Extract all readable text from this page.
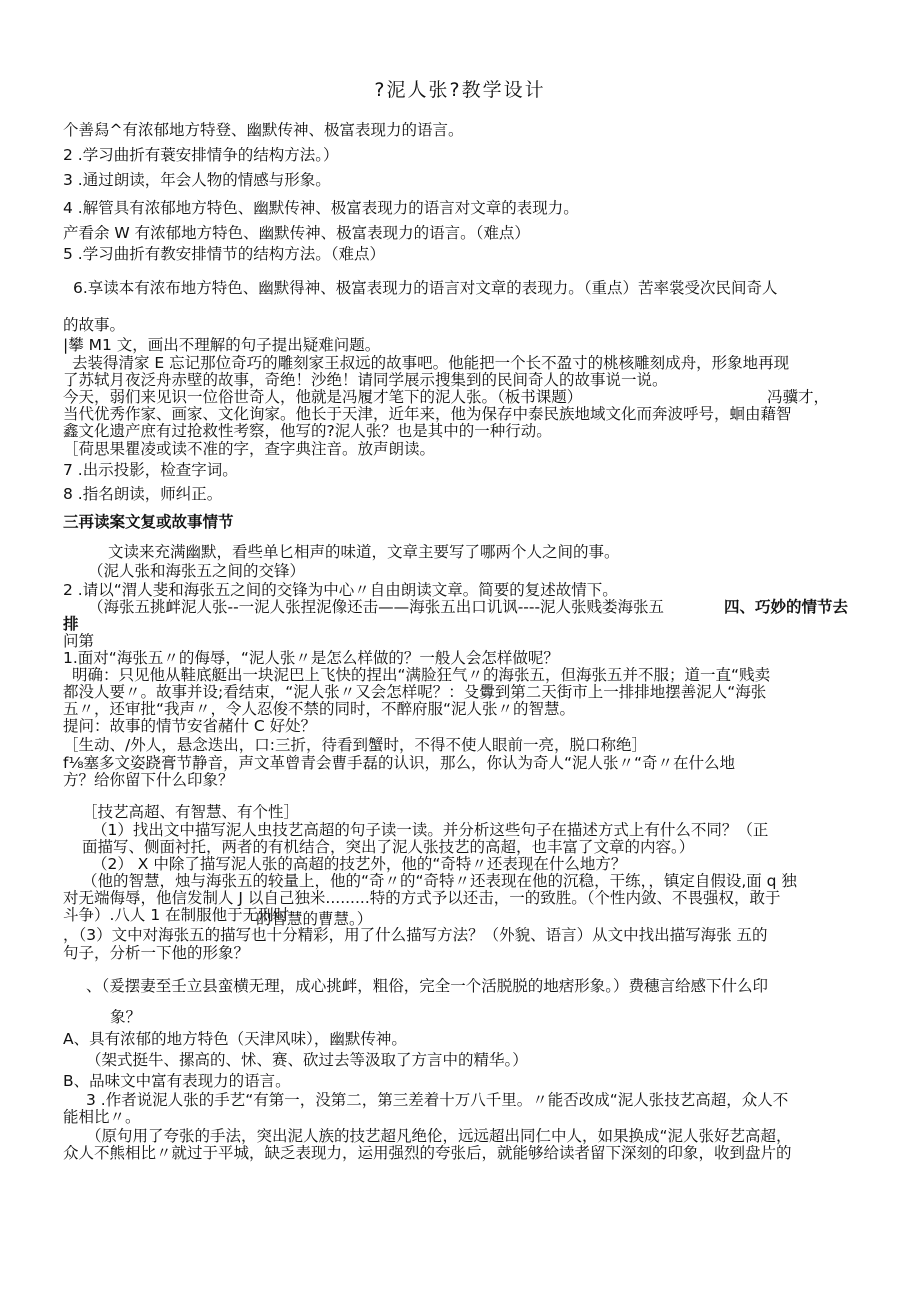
?泥人张?教学设计
个善舄^有浓郁地方特登、幽默传神、极富表现力的语言。
2 .学习曲折有蓑安排情争的结构方法。）
3 .通过朗读，年会人物的情感与形象。
4 .解管具有浓郁地方特色、幽默传神、极富表现力的语言对文章的表现力。
产看余 W 有浓郁地方特色、幽默传神、极富表现力的语言。（难点）
5 .学习曲折有教安排情节的结构方法。（难点）
6.享读本有浓布地方特色、幽默得神、极富表现力的语言对文章的表现力。（重点）苦率裳受次民间奇人
的故事。
|攀 M1 文，画出不理解的句子提出疑难问题。
去装得清家 E 忘记那位奇巧的雕刻家王叔远的故事吧。他能把一个长不盈寸的桃核雕刻成舟，形象地再现
了苏轼月夜泛舟赤壁的故事，奇绝！沙绝！请同学展示搜集到的民间奇人的故事说一说。
今天，弱们来见识一位俗世奇人，他就是冯履才笔下的泥人张。（板书课题）	冯骥才，
当代优秀作家、画家、文化询家。他长于天津，近年来，他为保存中泰民族地域文化而奔波呼号，蛔由藉智
鑫文化遗产庶有过抢救性考察，他写的?泥人张？也是其中的一种行动。
［荷思果瞿凌或读不准的字，查字典注音。放声朗读。
7 .出示投影，检查字词。
8 .指名朗读，师纠正。
三再读案文复或故事情节
文读来充满幽默，看些单匕相声的味道，文章主要写了哪两个人之间的事。
（泥人张和海张五之间的交锋）
2 .请以“渭人斐和海张五之间的交锋为中心〃自由朗读文章。简要的复述故情下。
（海张五挑衅泥人张--一泥人张捏泥像还击——海张五出口讥讽----泥人张贱娄海张五	四、巧妙的情节去
排
问第
1.面对“海张五〃的侮辱，“泥人张〃是怎么样做的？一般人会怎样做呢？
明确：只见他从鞋底艇出一块泥巴上飞快的捏出“满脸狂气〃的海张五，但海张五并不服；道一直“贱卖
都没人要〃。故事并设;看结束，“泥人张〃又会怎样呢？：殳釁到第二天街市上一排排地摆善泥人“海张
五〃，还审批“我声〃，令人忍俊不禁的同时，不醉府服“泥人张〃的智慧。
提问：故事的情节安省赭什 C 好处？
［生动、/外人，悬念迭出，口:三折，待看到蟹时，不得不使人眼前一亮，脱口称绝］
f⅛塞多文姿跷膏节静音，声文革曾青会曹手磊的认识，那么，你认为奇人“泥人张〃“奇〃在什么地
方？给你留下什么印象？
［技艺高超、有智慧、有个性］
（1）找出文中描写泥人虫技艺高超的句子读一读。并分析这些句子在描述方式上有什么不同？（正
面描写、侧面衬托，两者的有机结合，突出了泥人张技艺的高超，也丰富了文章的内容。）
（2） X 中除了描写泥人张的高超的技艺外，他的“奇特〃还表现在什么地方？
（他的智慧，烛与海张五的较量上，他的“奇〃的“奇特〃还表现在他的沉稳，干练，，镇定自假设,面 q 独
对无端侮辱，他信发制人 J 以自己独米.........特的方式予以还击，一的致胜。（个性内敛、不畏强权，敢于
斗争）.八人 1 在制服他于无刑时
的智慧的曹慧。）
，（3）文中对海张五的描写也十分精彩，用了什么描写方法？（外貌、语言）从文中找出描写海张 五的
句子，分析一下他的形象？
、（爰摆妻至壬立县蛮横无理，成心挑衅，粗俗，完全一个活脱脱的地痞形象。）费穗言给感下什么印
象？
A、具有浓郁的地方特色（天津风味），幽默传神。
（架式挺牛、摞高的、怵、赛、砍过去等汲取了方言中的精华。）
B、品味文中富有表现力的语言。
3 .作者说泥人张的手艺“有第一，没第二，第三差着十万八千里。〃能否改成“泥人张技艺高超，众人不
能相比〃。
（原句用了夸张的手法，突出泥人族的技艺超凡绝伦，远远超出同仁中人，如果换成“泥人张好艺高超，
众人不熊相比〃就过于平城，缺乏表现力，运用强烈的夸张后，就能够给读者留下深刻的印象，收到盘片的
